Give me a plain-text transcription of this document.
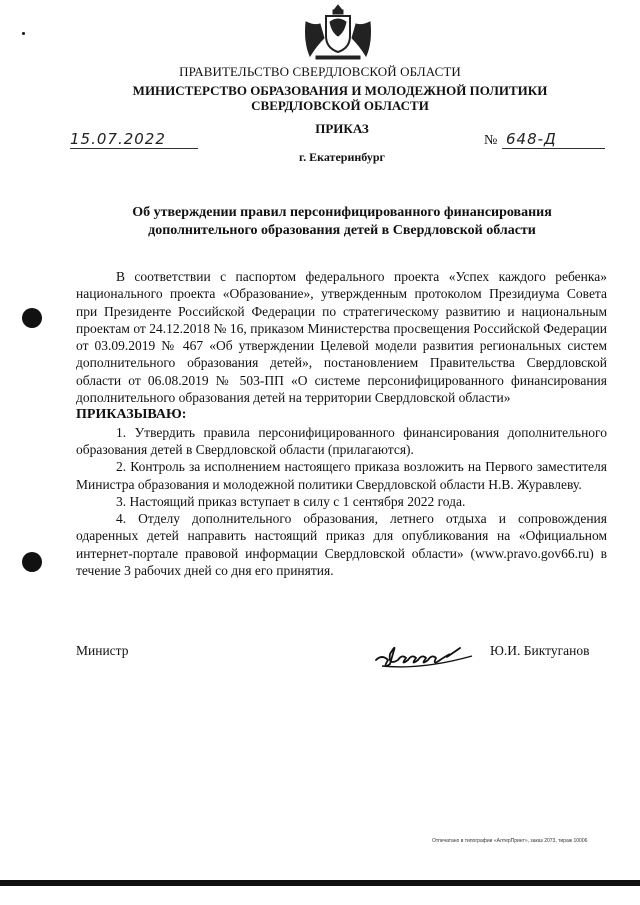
ПРАВИТЕЛЬСТВО СВЕРДЛОВСКОЙ ОБЛАСТИ
МИНИСТЕРСТВО ОБРАЗОВАНИЯ И МОЛОДЕЖНОЙ ПОЛИТИКИ
СВЕРДЛОВСКОЙ ОБЛАСТИ
ПРИКАЗ
15.07.2022	№ 648-Д
г. Екатеринбург
Об утверждении правил персонифицированного финансирования дополнительного образования детей в Свердловской области

В соответствии с паспортом федерального проекта «Успех каждого ребенка» национального проекта «Образование», утвержденным протоколом Президиума Совета при Президенте Российской Федерации по стратегическому развитию и национальным проектам от 24.12.2018 № 16, приказом Министерства просвещения Российской Федерации от 03.09.2019 № 467 «Об утверждении Целевой модели развития региональных систем дополнительного образования детей», постановлением Правительства Свердловской области от 06.08.2019 № 503-ПП «О системе персонифицированного финансирования дополнительного образования детей на территории Свердловской области»

ПРИКАЗЫВАЮ:

1. Утвердить правила персонифицированного финансирования дополнительного образования детей в Свердловской области (прилагаются).

2. Контроль за исполнением настоящего приказа возложить на Первого заместителя Министра образования и молодежной политики Свердловской области Н.В. Журавлеву.

3. Настоящий приказ вступает в силу с 1 сентября 2022 года.

4. Отделу дополнительного образования, летнего отдыха и сопровождения одаренных детей направить настоящий приказ для опубликования на «Официальном интернет-портале правовой информации Свердловской области» (www.pravo.gov66.ru) в течение 3 рабочих дней со дня его принятия.

Министр	Ю.И. Биктуганов
Отпечатано в типографии «АлтерПринт», заказ 2073, тираж 10006
